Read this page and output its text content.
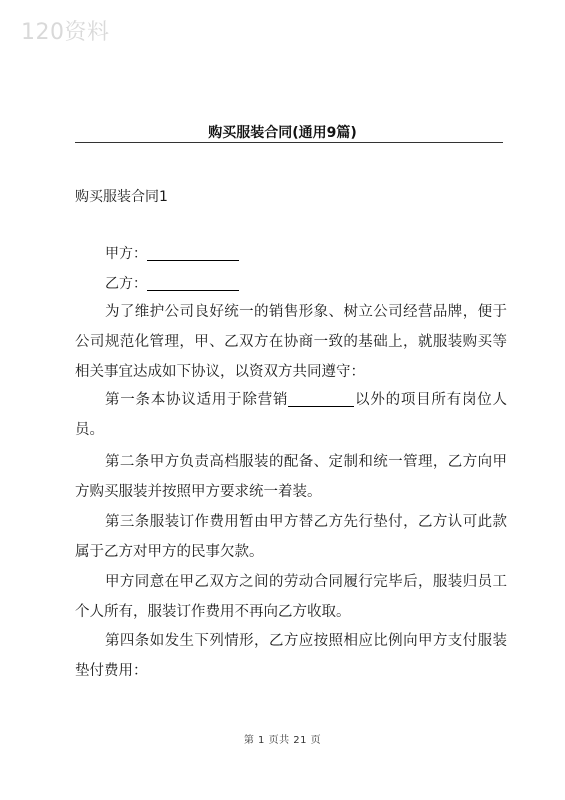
120资料
购买服装合同(通用9篇)
购买服装合同1
甲方：
乙方：
为了维护公司良好统一的销售形象、树立公司经营品牌，便于公司规范化管理，甲、乙双方在协商一致的基础上，就服装购买等相关事宜达成如下协议，以资双方共同遵守：
第一条本协议适用于除营销	以外的项目所有岗位人员。
第二条甲方负责高档服装的配备、定制和统一管理，乙方向甲方购买服装并按照甲方要求统一着装。
第三条服装订作费用暂由甲方替乙方先行垫付，乙方认可此款属于乙方对甲方的民事欠款。
甲方同意在甲乙双方之间的劳动合同履行完毕后，服装归员工个人所有，服装订作费用不再向乙方收取。
第四条如发生下列情形，乙方应按照相应比例向甲方支付服装垫付费用：
第 1 页共 21 页
